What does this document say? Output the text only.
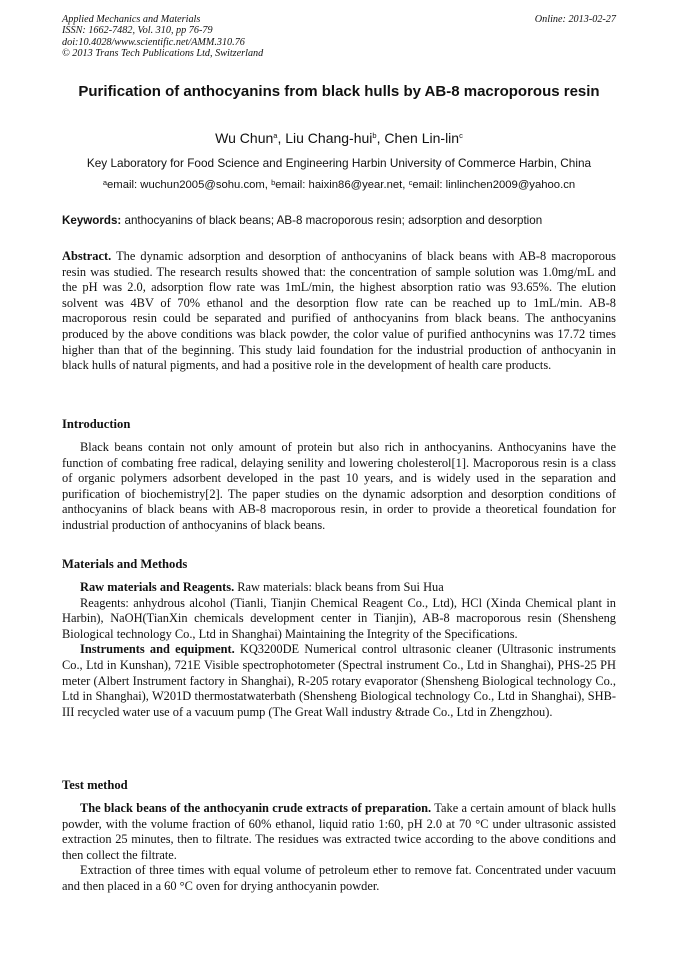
Applied Mechanics and Materials
ISSN: 1662-7482, Vol. 310, pp 76-79
doi:10.4028/www.scientific.net/AMM.310.76
© 2013 Trans Tech Publications Ltd, Switzerland
Online: 2013-02-27
Purification of anthocyanins from black hulls by AB-8 macroporous resin
Wu Chun$^a$, Liu Chang-hui$^b$, Chen Lin-lin$^c$
Key Laboratory for Food Science and Engineering Harbin University of Commerce Harbin, China
$^a$email: wuchun2005@sohu.com, $^b$email: haixin86@year.net, $^c$email: linlinchen2009@yahoo.cn
Keywords: anthocyanins of black beans; AB-8 macroporous resin; adsorption and desorption

Abstract. The dynamic adsorption and desorption of anthocyanins of black beans with AB-8 macroporous resin was studied. The research results showed that: the concentration of sample solution was 1.0mg/mL and the pH was 2.0, adsorption flow rate was 1mL/min, the highest absorption ratio was 93.65%. The elution solvent was 4BV of 70% ethanol and the desorption flow rate can be reached up to 1mL/min. AB-8 macroporous resin could be separated and purified of anthocyanins from black beans. The anthocyanins produced by the above conditions was black powder, the color value of purified anthocynins was 17.72 times higher than that of the beginning. This study laid foundation for the industrial production of anthocyanin in black hulls of natural pigments, and had a positive role in the development of health care products.

Introduction

Black beans contain not only amount of protein but also rich in anthocyanins. Anthocyanins have the function of combating free radical, delaying senility and lowering cholesterol[1]. Macroporous resin is a class of organic polymers adsorbent developed in the past 10 years, and is widely used in the separation and purification of biochemistry[2]. The paper studies on the dynamic adsorption and desorption conditions of anthocyanins of black beans with AB-8 macroporous resin, in order to provide a theoretical foundation for industrial production of anthocyanins of black beans.

Materials and Methods

Raw materials and Reagents. Raw materials: black beans from Sui Hua

Reagents: anhydrous alcohol (Tianli, Tianjin Chemical Reagent Co., Ltd), HCl (Xinda Chemical plant in Harbin), NaOH(TianXin chemicals development center in Tianjin), AB-8 macroporous resin (Shensheng Biological technology Co., Ltd in Shanghai) Maintaining the Integrity of the Specifications.

Instruments and equipment. KQ3200DE Numerical control ultrasonic cleaner (Ultrasonic instruments Co., Ltd in Kunshan), 721E Visible spectrophotometer (Spectral instrument Co., Ltd in Shanghai), PHS-25 PH meter (Albert Instrument factory in Shanghai), R-205 rotary evaporator (Shensheng Biological technology Co., Ltd in Shanghai), W201D thermostatwaterbath (Shensheng Biological technology Co., Ltd in Shanghai), SHB-III recycled water use of a vacuum pump (The Great Wall industry &trade Co., Ltd in Zhengzhou).

Test method

The black beans of the anthocyanin crude extracts of preparation. Take a certain amount of black hulls powder, with the volume fraction of 60% ethanol, liquid ratio 1:60, pH 2.0 at 70 °C under ultrasonic assisted extraction 25 minutes, then to filtrate. The residues was extracted twice according to the above conditions and then collect the filtrate.

Extraction of three times with equal volume of petroleum ether to remove fat. Concentrated under vacuum and then placed in a 60 °C oven for drying anthocyanin powder.
